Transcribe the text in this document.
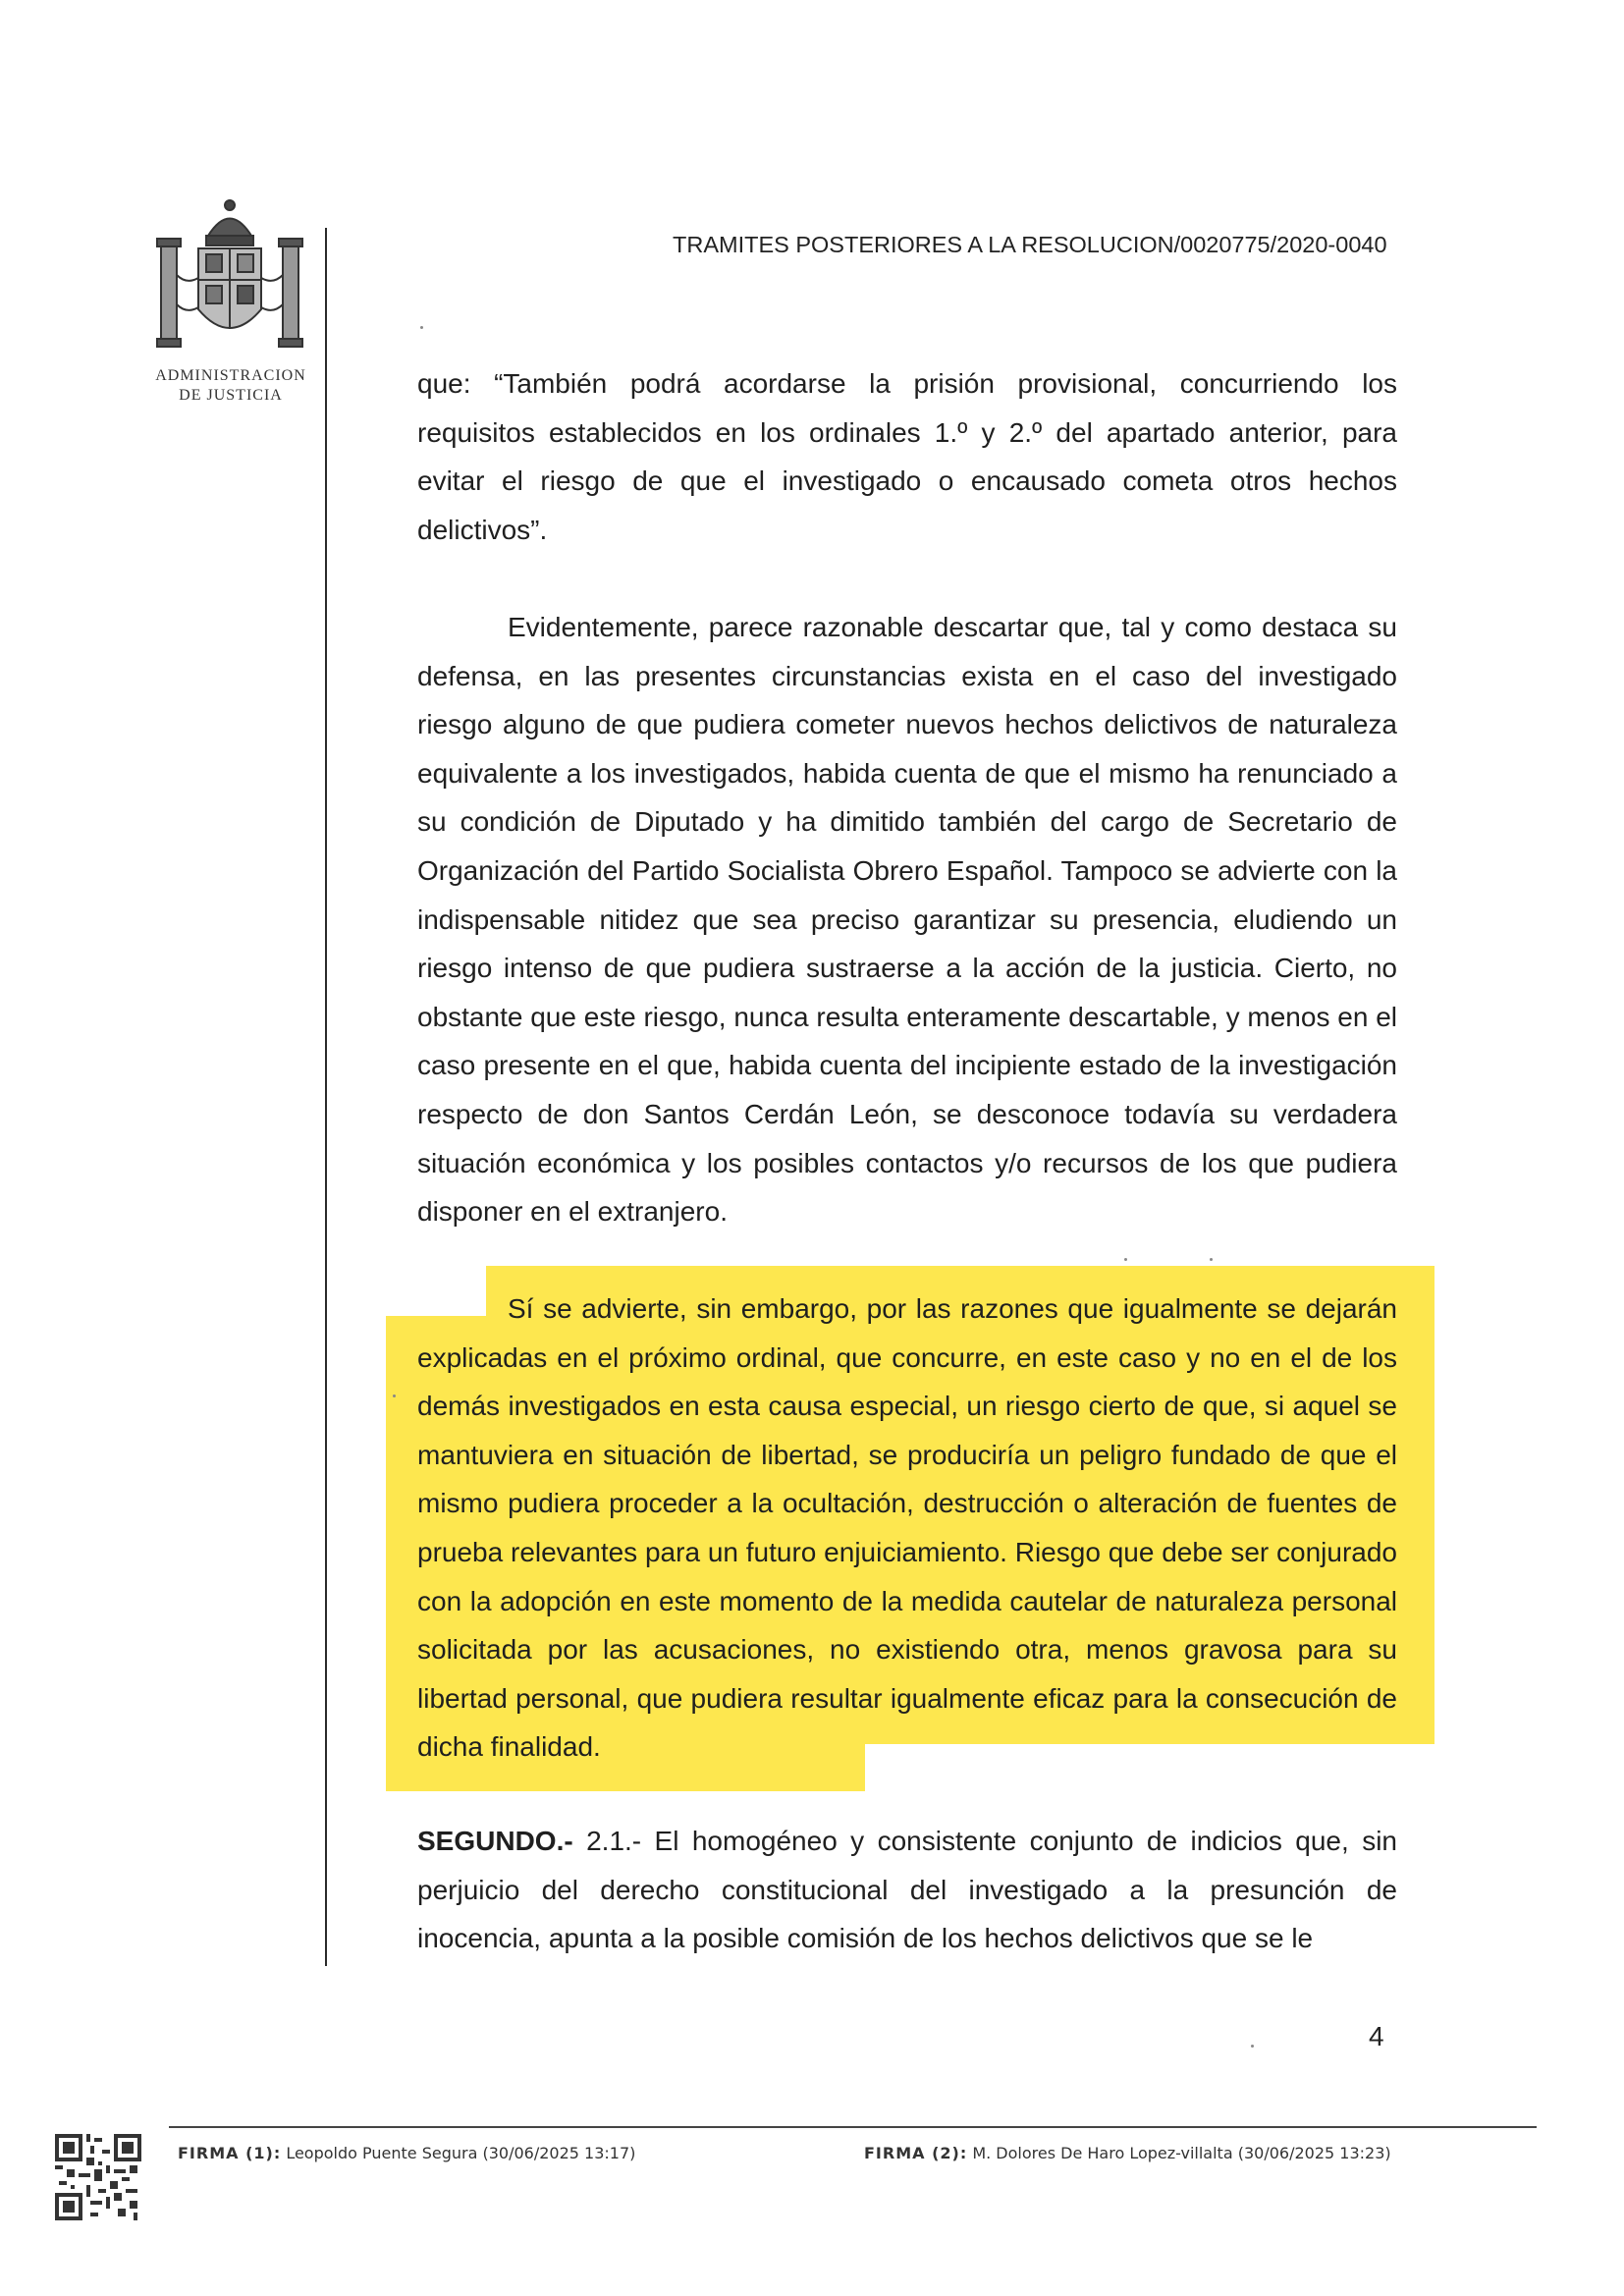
ADMINISTRACION
DE JUSTICIA
TRAMITES POSTERIORES A LA RESOLUCION/0020775/2020-0040

que: “También podrá acordarse la prisión provisional, concurriendo los requisitos establecidos en los ordinales 1.º y 2.º del apartado anterior, para evitar el riesgo de que el investigado o encausado cometa otros hechos delictivos”.

Evidentemente, parece razonable descartar que, tal y como destaca su defensa, en las presentes circunstancias exista en el caso del investigado riesgo alguno de que pudiera cometer nuevos hechos delictivos de naturaleza equivalente a los investigados, habida cuenta de que el mismo ha renunciado a su condición de Diputado y ha dimitido también del cargo de Secretario de Organización del Partido Socialista Obrero Español. Tampoco se advierte con la indispensable nitidez que sea preciso garantizar su presencia, eludiendo un riesgo intenso de que pudiera sustraerse a la acción de la justicia. Cierto, no obstante que este riesgo, nunca resulta enteramente descartable, y menos en el caso presente en el que, habida cuenta del incipiente estado de la investigación respecto de don Santos Cerdán León, se desconoce todavía su verdadera situación económica y los posibles contactos y/o recursos de los que pudiera disponer en el extranjero.

Sí se advierte, sin embargo, por las razones que igualmente se dejarán explicadas en el próximo ordinal, que concurre, en este caso y no en el de los demás investigados en esta causa especial, un riesgo cierto de que, si aquel se mantuviera en situación de libertad, se produciría un peligro fundado de que el mismo pudiera proceder a la ocultación, destrucción o alteración de fuentes de prueba relevantes para un futuro enjuiciamiento. Riesgo que debe ser conjurado con la adopción en este momento de la medida cautelar de naturaleza personal solicitada por las acusaciones, no existiendo otra, menos gravosa para su libertad personal, que pudiera resultar igualmente eficaz para la consecución de dicha finalidad.

SEGUNDO.- 2.1.- El homogéneo y consistente conjunto de indicios que, sin perjuicio del derecho constitucional del investigado a la presunción de inocencia, apunta a la posible comisión de los hechos delictivos que se le

4
FIRMA (1): Leopoldo Puente Segura (30/06/2025 13:17)	FIRMA (2): M. Dolores De Haro Lopez-villalta (30/06/2025 13:23)
